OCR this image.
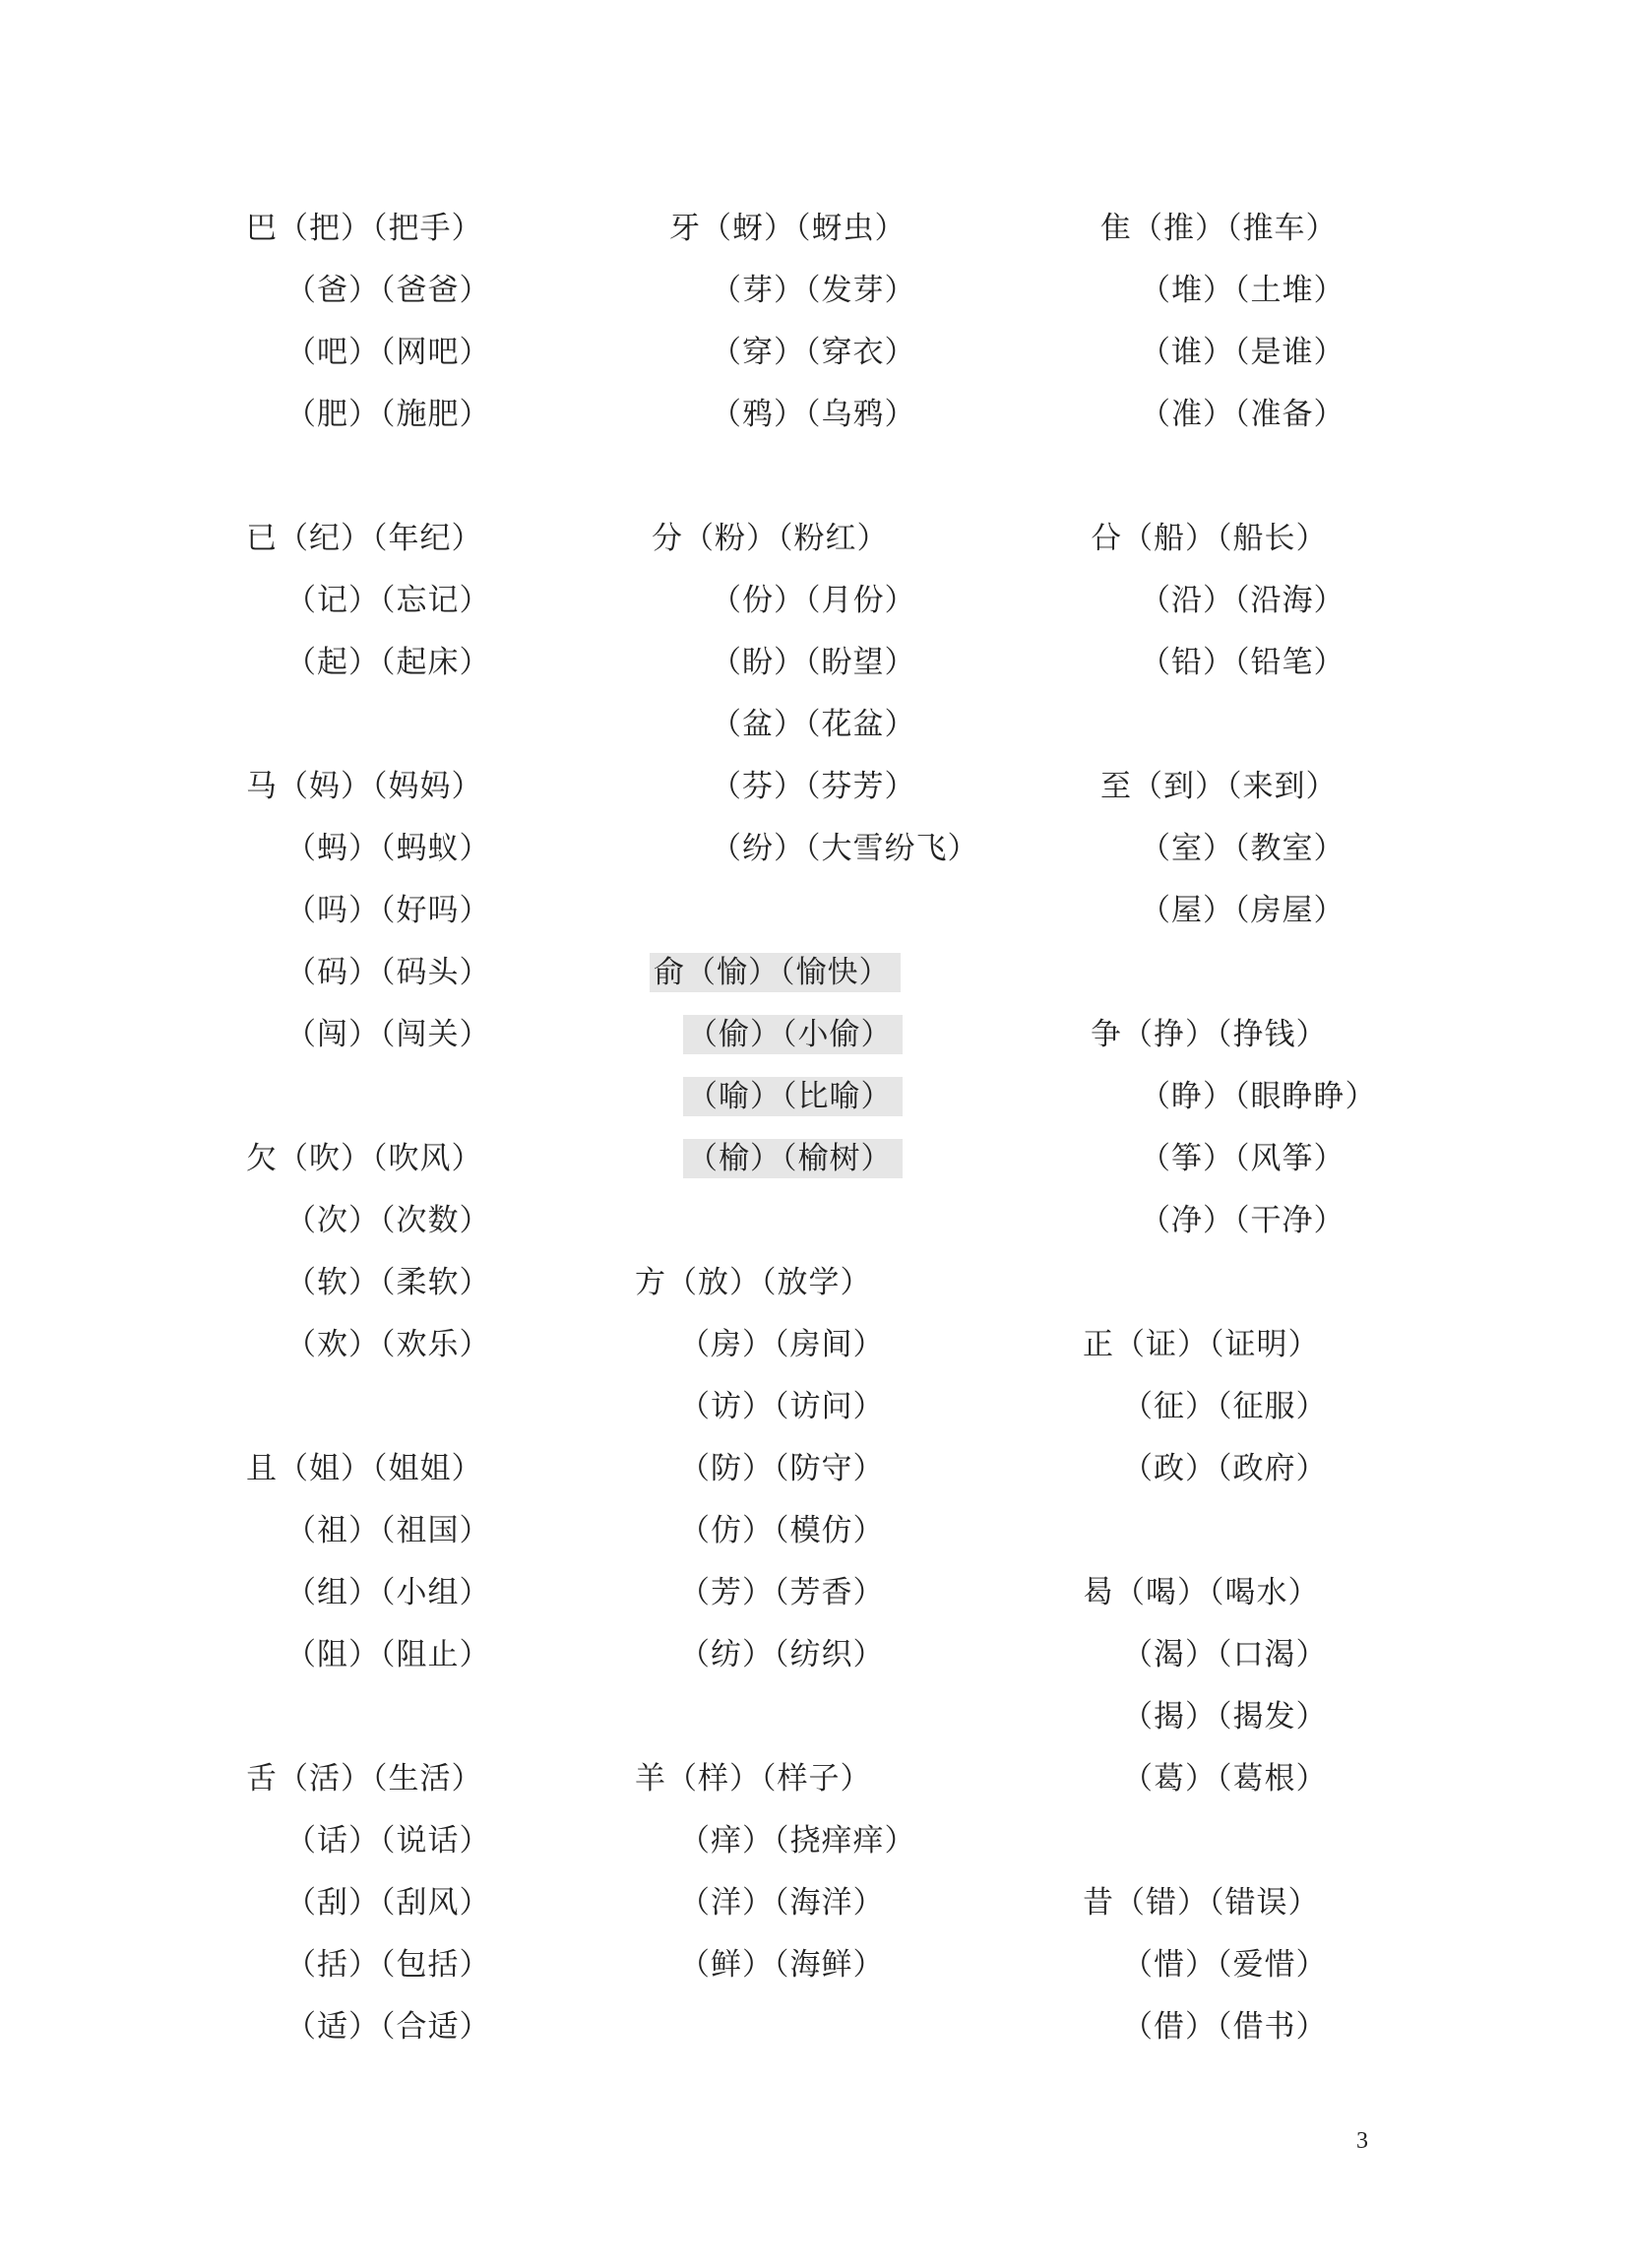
巴（把）（把手）
（爸）（爸爸）
（吧）（网吧）
（肥）（施肥）
已（纪）（年纪）
（记）（忘记）
（起）（起床）
马（妈）（妈妈）
（蚂）（蚂蚁）
（吗）（好吗）
（码）（码头）
（闯）（闯关）
欠（吹）（吹风）
（次）（次数）
（软）（柔软）
（欢）（欢乐）
且（姐）（姐姐）
（祖）（祖国）
（组）（小组）
（阻）（阻止）
舌（活）（生活）
（话）（说话）
（刮）（刮风）
（括）（包括）
（适）（合适）
牙（蚜）（蚜虫）
（芽）（发芽）
（穿）（穿衣）
（鸦）（乌鸦）
分（粉）（粉红）
（份）（月份）
（盼）（盼望）
（盆）（花盆）
（芬）（芬芳）
（纷）（大雪纷飞）
俞（愉）（愉快）
（偷）（小偷）
（喻）（比喻）
（榆）（榆树）
方（放）（放学）
（房）（房间）
（访）（访问）
（防）（防守）
（仿）（模仿）
（芳）（芳香）
（纺）（纺织）
羊（样）（样子）
（痒）（挠痒痒）
（洋）（海洋）
（鲜）（海鲜）
隹（推）（推车）
（堆）（土堆）
（谁）（是谁）
（准）（准备）
㕣（船）（船长）
（沿）（沿海）
（铅）（铅笔）
至（到）（来到）
（室）（教室）
（屋）（房屋）
争（挣）（挣钱）
（睁）（眼睁睁）
（筝）（风筝）
（净）（干净）
正（证）（证明）
（征）（征服）
（政）（政府）
曷（喝）（喝水）
（渴）（口渴）
（揭）（揭发）
（葛）（葛根）
昔（错）（错误）
（惜）（爱惜）
（借）（借书）
3
